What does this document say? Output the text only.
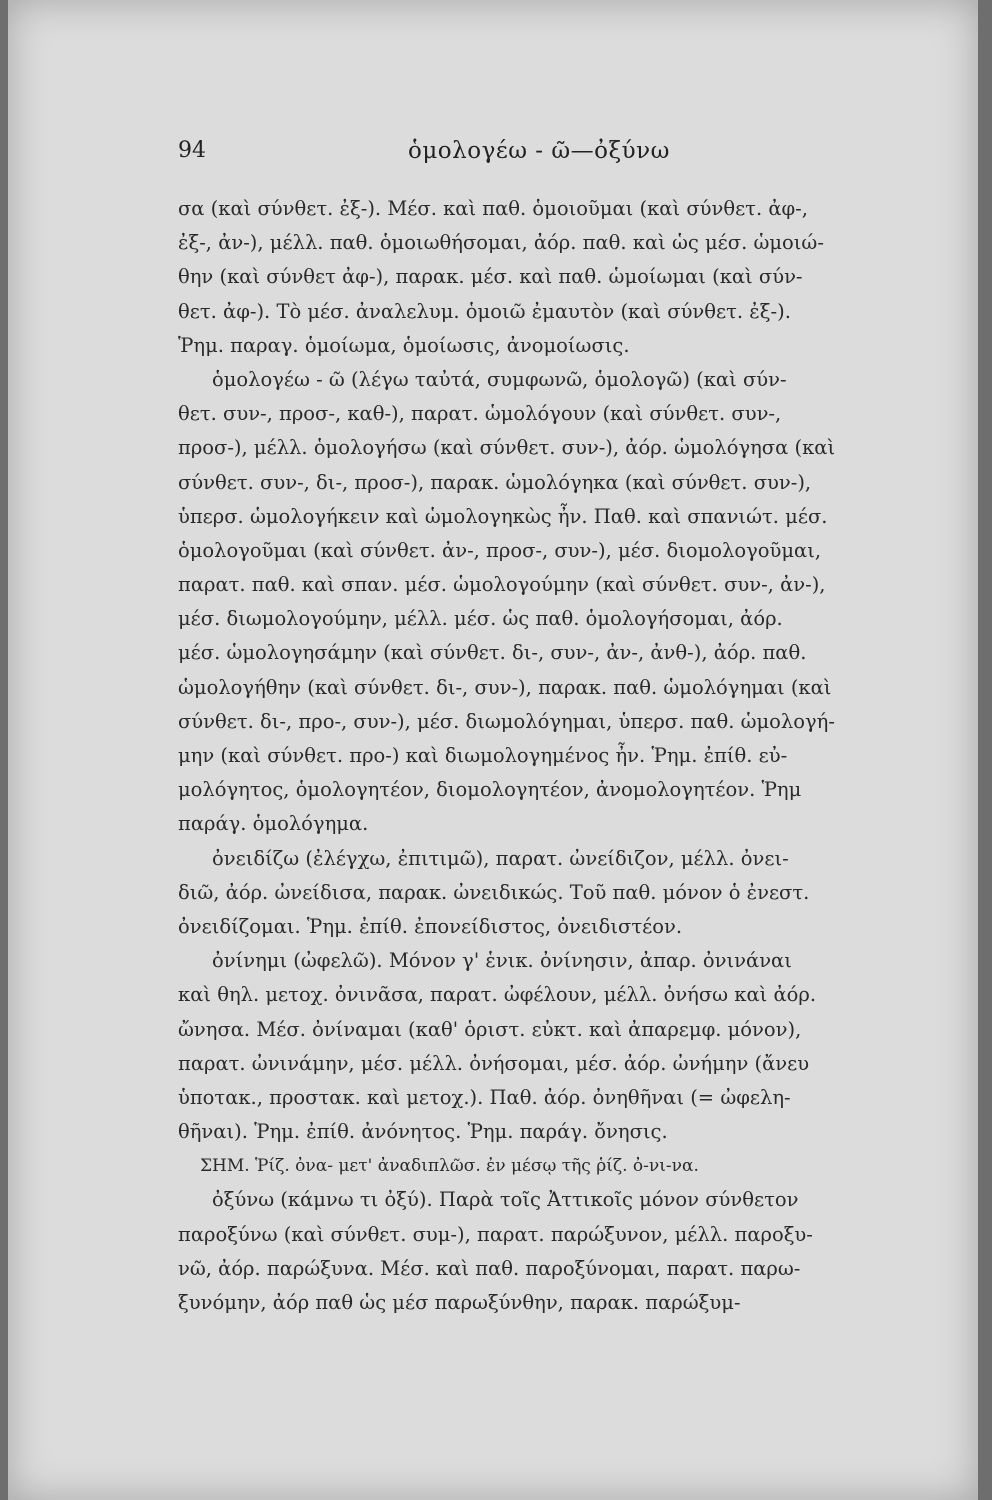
94	ὁμολογέω - ῶ—ὀξύνω
σα (καὶ σύνθετ. ἐξ-). Μέσ. καὶ παθ. ὁμοιοῦμαι (καὶ σύνθετ. ἀφ-,
ἐξ-, ἀν-), μέλλ. παθ. ὁμοιωθήσομαι, ἀόρ. παθ. καὶ ὡς μέσ. ὡμοιώ-
θην (καὶ σύνθετ ἀφ-), παρακ. μέσ. καὶ παθ. ὡμοίωμαι (καὶ σύν-
θετ. ἀφ-). Τὸ μέσ. ἀναλελυμ. ὁμοιῶ ἐμαυτὸν (καὶ σύνθετ. ἐξ-).
Ῥημ. παραγ. ὁμοίωμα, ὁμοίωσις, ἀνομοίωσις.
ὁμολογέω - ῶ (λέγω ταὐτά, συμφωνῶ, ὁμολογῶ) (καὶ σύν-
θετ. συν-, προσ-, καθ-), παρατ. ὡμολόγουν (καὶ σύνθετ. συν-,
προσ-), μέλλ. ὁμολογήσω (καὶ σύνθετ. συν-), ἀόρ. ὡμολόγησα (καὶ
σύνθετ. συν-, δι-, προσ-), παρακ. ὡμολόγηκα (καὶ σύνθετ. συν-),
ὑπερσ. ὡμολογήκειν καὶ ὡμολογηκὼς ἦν. Παθ. καὶ σπανιώτ. μέσ.
ὁμολογοῦμαι (καὶ σύνθετ. ἀν-, προσ-, συν-), μέσ. διομολογοῦμαι,
παρατ. παθ. καὶ σπαν. μέσ. ὡμολογούμην (καὶ σύνθετ. συν-, ἀν-),
μέσ. διωμολογούμην, μέλλ. μέσ. ὡς παθ. ὁμολογήσομαι, ἀόρ.
μέσ. ὡμολογησάμην (καὶ σύνθετ. δι-, συν-, ἀν-, ἀνθ-), ἀόρ. παθ.
ὡμολογήθην (καὶ σύνθετ. δι-, συν-), παρακ. παθ. ὡμολόγημαι (καὶ
σύνθετ. δι-, προ-, συν-), μέσ. διωμολόγημαι, ὑπερσ. παθ. ὡμολογή-
μην (καὶ σύνθετ. προ-) καὶ διωμολογημένος ἦν. Ῥημ. ἐπίθ. εὐ-
μολόγητος, ὁμολογητέον, διομολογητέον, ἀνομολογητέον. Ῥημ
παράγ. ὁμολόγημα.
ὀνειδίζω (ἐλέγχω, ἐπιτιμῶ), παρατ. ὠνείδιζον, μέλλ. ὀνει-
διῶ, ἀόρ. ὠνείδισα, παρακ. ὠνειδικώς. Τοῦ παθ. μόνον ὁ ἐνεστ.
ὀνειδίζομαι. Ῥημ. ἐπίθ. ἐπονείδιστος, ὀνειδιστέον.
ὀνίνημι (ὠφελῶ). Μόνον γ' ἑνικ. ὀνίνησιν, ἀπαρ. ὀνινάναι
καὶ θηλ. μετοχ. ὀνινᾶσα, παρατ. ὠφέλουν, μέλλ. ὀνήσω καὶ ἀόρ.
ὤνησα. Μέσ. ὀνίναμαι (καθ' ὁριστ. εὐκτ. καὶ ἀπαρεμφ. μόνον),
παρατ. ὠνινάμην, μέσ. μέλλ. ὀνήσομαι, μέσ. ἀόρ. ὠνήμην (ἄνευ
ὑποτακ., προστακ. καὶ μετοχ.). Παθ. ἀόρ. ὀνηθῆναι (= ὠφελη-
θῆναι). Ῥημ. ἐπίθ. ἀνόνητος. Ῥημ. παράγ. ὄνησις.
ΣΗΜ. Ῥίζ. ὀνα- μετ' ἀναδιπλῶσ. ἐν μέσῳ τῆς ῥίζ. ὀ-νι-να.
ὀξύνω (κάμνω τι ὀξύ). Παρὰ τοῖς Ἀττικοῖς μόνον σύνθετον
παροξύνω (καὶ σύνθετ. συμ-), παρατ. παρώξυνον, μέλλ. παροξυ-
νῶ, ἀόρ. παρώξυνα. Μέσ. καὶ παθ. παροξύνομαι, παρατ. παρω-
ξυνόμην, ἀόρ παθ ὡς μέσ παρωξύνθην, παρακ. παρώξυμ-
